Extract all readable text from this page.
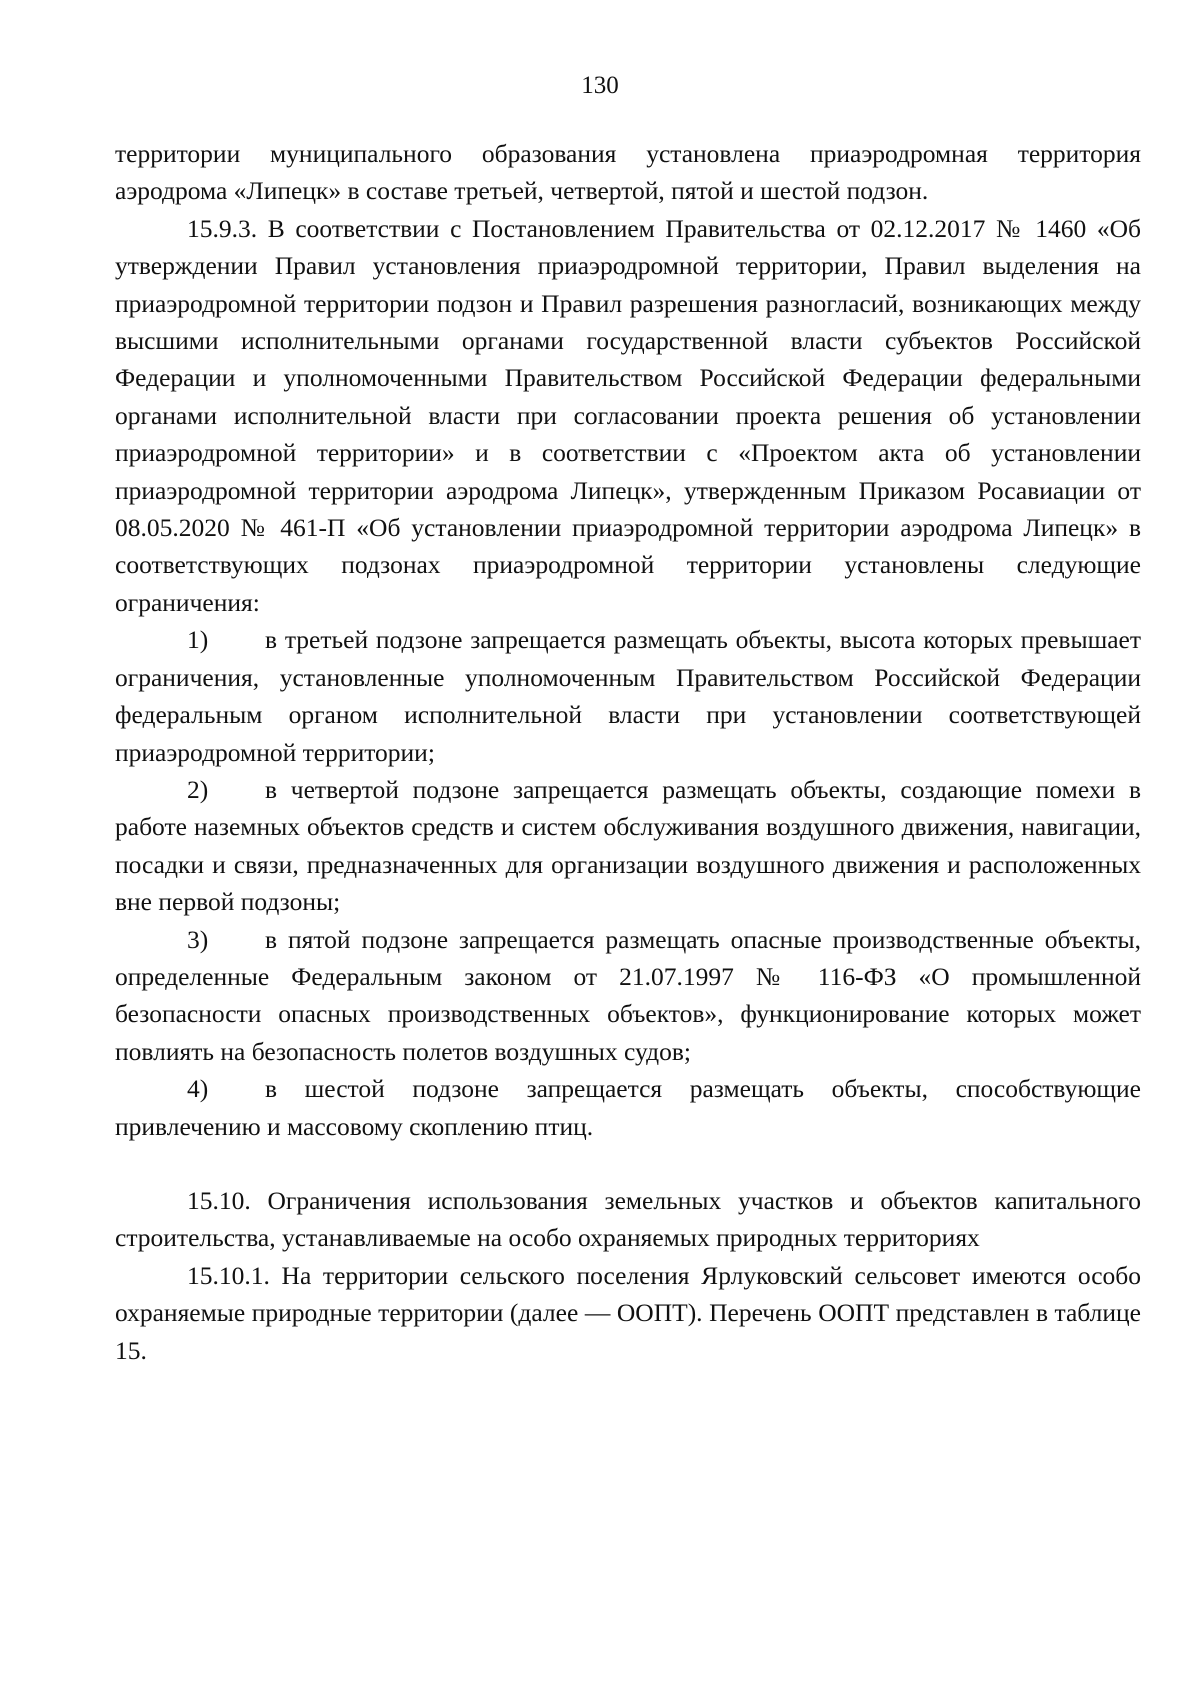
130

территории муниципального образования установлена приаэродромная территория аэродрома «Липецк» в составе третьей, четвертой, пятой и шестой подзон.

15.9.3. В соответствии с Постановлением Правительства от 02.12.2017 № 1460 «Об утверждении Правил установления приаэродромной территории, Правил выделения на приаэродромной территории подзон и Правил разрешения разногласий, возникающих между высшими исполнительными органами государственной власти субъектов Российской Федерации и уполномоченными Правительством Российской Федерации федеральными органами исполнительной власти при согласовании проекта решения об установлении приаэродромной территории» и в соответствии с «Проектом акта об установлении приаэродромной территории аэродрома Липецк», утвержденным Приказом Росавиации от 08.05.2020 № 461-П «Об установлении приаэродромной территории аэродрома Липецк» в соответствующих подзонах приаэродромной территории установлены следующие ограничения:

1) в третьей подзоне запрещается размещать объекты, высота которых превышает ограничения, установленные уполномоченным Правительством Российской Федерации федеральным органом исполнительной власти при установлении соответствующей приаэродромной территории;

2) в четвертой подзоне запрещается размещать объекты, создающие помехи в работе наземных объектов средств и систем обслуживания воздушного движения, навигации, посадки и связи, предназначенных для организации воздушного движения и расположенных вне первой подзоны;

3) в пятой подзоне запрещается размещать опасные производственные объекты, определенные Федеральным законом от 21.07.1997 № 116-ФЗ «О промышленной безопасности опасных производственных объектов», функционирование которых может повлиять на безопасность полетов воздушных судов;

4) в шестой подзоне запрещается размещать объекты, способствующие привлечению и массовому скоплению птиц.

15.10. Ограничения использования земельных участков и объектов капитального строительства, устанавливаемые на особо охраняемых природных территориях

15.10.1. На территории сельского поселения Ярлуковский сельсовет имеются особо охраняемые природные территории (далее — ООПТ). Перечень ООПТ представлен в таблице 15.
